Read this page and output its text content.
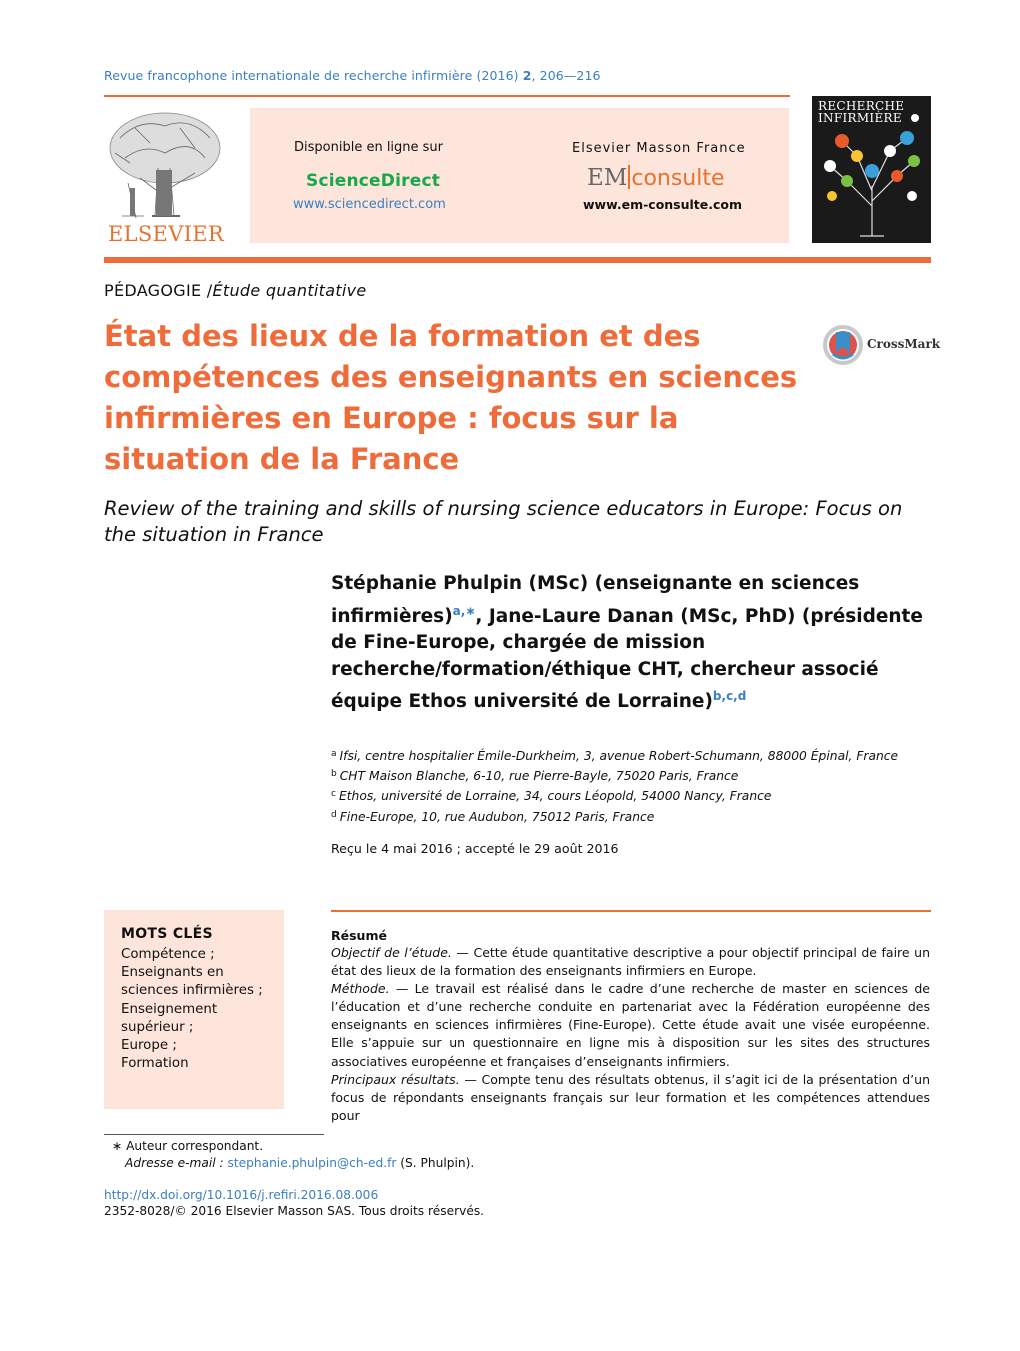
Revue francophone internationale de recherche infirmière (2016) 2, 206—216
ELSEVIER
Disponible en ligne sur
ScienceDirect
www.sciencedirect.com
Elsevier Masson France
EM consulte
www.em-consulte.com
RECHERCHE
INFIRMIÈRE
PÉDAGOGIE /Étude quantitative
État des lieux de la formation et des compétences des enseignants en sciences infirmières en Europe : focus sur la situation de la France
CrossMark
Review of the training and skills of nursing science educators in Europe: Focus on the situation in France
Stéphanie Phulpin (MSc) (enseignante en sciences infirmières)$^{a,∗}$, Jane-Laure Danan (MSc, PhD) (présidente de Fine-Europe, chargée de mission recherche/formation/éthique CHT, chercheur associé équipe Ethos université de Lorraine)$^{b,c,d}$
$^a$ Ifsi, centre hospitalier Émile-Durkheim, 3, avenue Robert-Schumann, 88000 Épinal, France
$^b$ CHT Maison Blanche, 6-10, rue Pierre-Bayle, 75020 Paris, France
$^c$ Ethos, université de Lorraine, 34, cours Léopold, 54000 Nancy, France
$^d$ Fine-Europe, 10, rue Audubon, 75012 Paris, France
Reçu le 4 mai 2016 ; accepté le 29 août 2016
MOTS CLÉS
Compétence ;
Enseignants en sciences infirmières ;
Enseignement supérieur ;
Europe ;
Formation
Résumé
Objectif de l’étude. — Cette étude quantitative descriptive a pour objectif principal de faire un état des lieux de la formation des enseignants infirmiers en Europe.
Méthode. — Le travail est réalisé dans le cadre d’une recherche de master en sciences de l’éducation et d’une recherche conduite en partenariat avec la Fédération européenne des enseignants en sciences infirmières (Fine-Europe). Cette étude avait une visée européenne. Elle s’appuie sur un questionnaire en ligne mis à disposition sur les sites des structures associatives européenne et françaises d’enseignants infirmiers.
Principaux résultats. — Compte tenu des résultats obtenus, il s’agit ici de la présentation d’un focus de répondants enseignants français sur leur formation et les compétences attendues pour
∗ Auteur correspondant.
Adresse e-mail : stephanie.phulpin@ch-ed.fr (S. Phulpin).
http://dx.doi.org/10.1016/j.refiri.2016.08.006
2352-8028/© 2016 Elsevier Masson SAS. Tous droits réservés.
